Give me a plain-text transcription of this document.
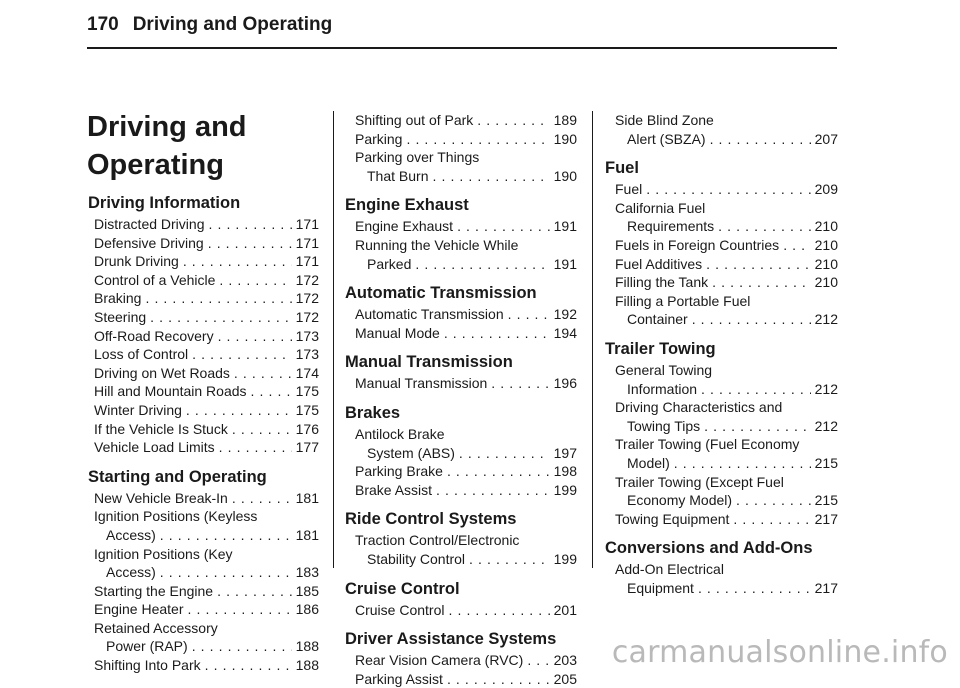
170 Driving and Operating
Driving and
Operating
Driving Information
Distracted Driving . . .	171
Defensive Driving . . .	171
Drunk Driving . . .	171
Control of a Vehicle . . .	172
Braking . . .	172
Steering . . .	172
Off-Road Recovery . . .	173
Loss of Control . . .	173
Driving on Wet Roads . . .	174
Hill and Mountain Roads . . .	175
Winter Driving . . .	175
If the Vehicle Is Stuck . . .	176
Vehicle Load Limits . . .	177
Starting and Operating
New Vehicle Break-In . . .	181
Ignition Positions (Keyless
Access) . . .	181
Ignition Positions (Key
Access) . . .	183
Starting the Engine . . .	185
Engine Heater . . .	186
Retained Accessory
Power (RAP) . . .	188
Shifting Into Park . . .	188
Shifting out of Park . . .	189
Parking . . .	190
Parking over Things
That Burn . . .	190
Engine Exhaust
Engine Exhaust . . .	191
Running the Vehicle While
Parked . . .	191
Automatic Transmission
Automatic Transmission . . .	192
Manual Mode . . .	194
Manual Transmission
Manual Transmission . . .	196
Brakes
Antilock Brake
System (ABS) . . .	197
Parking Brake . . .	198
Brake Assist . . .	199
Ride Control Systems
Traction Control/Electronic
Stability Control . . .	199
Cruise Control
Cruise Control . . .	201
Driver Assistance Systems
Rear Vision Camera (RVC) . . . 203
Parking Assist . . .	205
Side Blind Zone
Alert (SBZA) . . .	207
Fuel
Fuel . . .	209
California Fuel
Requirements . . .	210
Fuels in Foreign Countries . . .	210
Fuel Additives . . .	210
Filling the Tank . . .	210
Filling a Portable Fuel
Container . . .	212
Trailer Towing
General Towing
Information . . .	212
Driving Characteristics and
Towing Tips . . .	212
Trailer Towing (Fuel Economy
Model) . . .	215
Trailer Towing (Except Fuel
Economy Model) . . .	215
Towing Equipment . . .	217
Conversions and Add-Ons
Add-On Electrical
Equipment . . .	217
carmanualsonline.info
